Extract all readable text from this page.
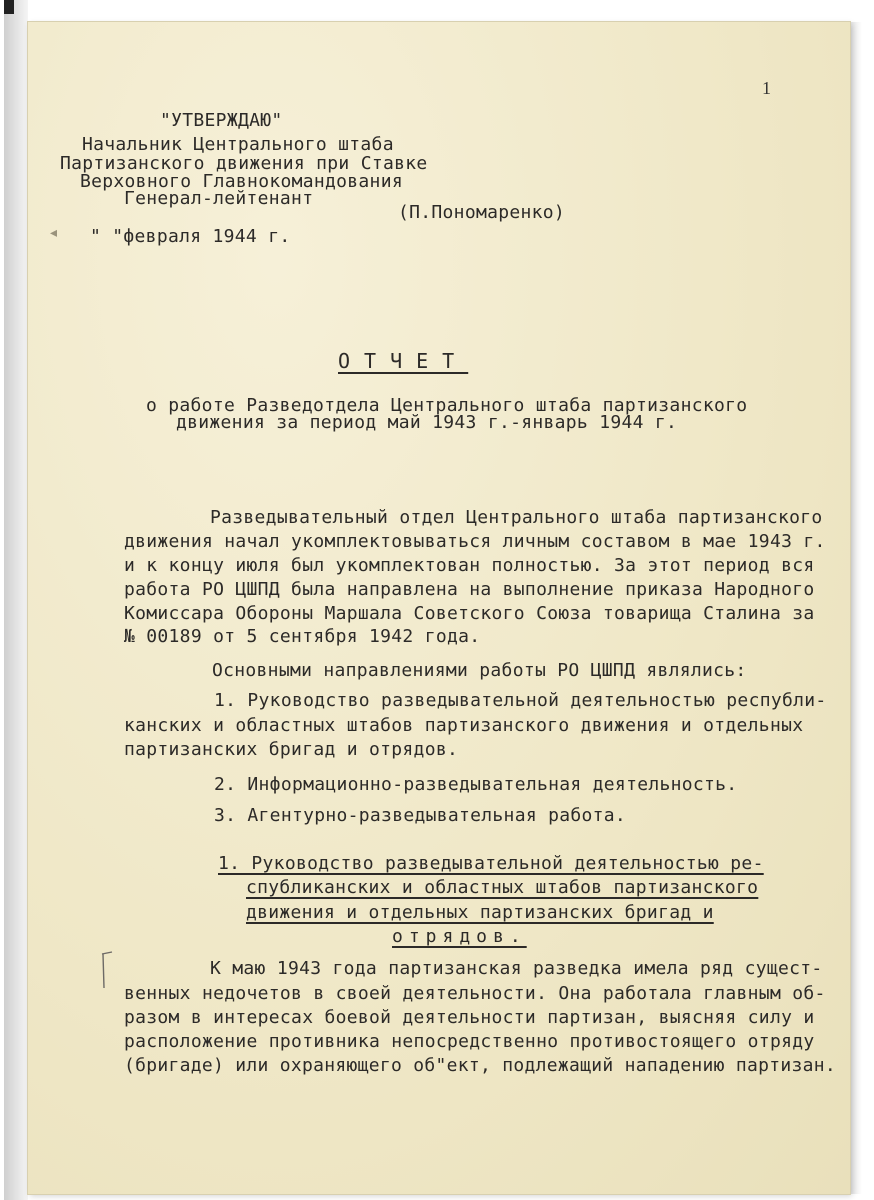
1
"УТВЕРЖДАЮ"
Начальник Центрального штаба
Партизанского движения при Ставке
Верховного Главнокомандования
Генерал-лейтенант
(П.Пономаренко)
◂ " "февраля 1944 г.
ОТЧЕТ
о работе Разведотдела Центрального штаба партизанского
движения за период май 1943 г.-январь 1944 г.
Разведывательный отдел Центрального штаба партизанского
движения начал укомплектовываться личным составом в мае 1943 г.
и к концу июля был укомплектован полностью. За этот период вся
работа РО ЦШПД была направлена на выполнение приказа Народного
Комиссара Обороны Маршала Советского Союза товарища Сталина за
№ 00189 от 5 сентября 1942 года.
Основными направлениями работы РО ЦШПД являлись:
1. Руководство разведывательной деятельностью республи-
канских и областных штабов партизанского движения и отдельных
партизанских бригад и отрядов.
2. Информационно-разведывательная деятельность.
3. Агентурно-разведывательная работа.
1. Руководство разведывательной деятельностью ре-
спубликанских и областных штабов партизанского
движения и отдельных партизанских бригад и
отрядов.
К маю 1943 года партизанская разведка имела ряд сущест-
венных недочетов в своей деятельности. Она работала главным об-
разом в интересах боевой деятельности партизан, выясняя силу и
расположение противника непосредственно противостоящего отряду
(бригаде) или охраняющего об"ект, подлежащий нападению партизан.
